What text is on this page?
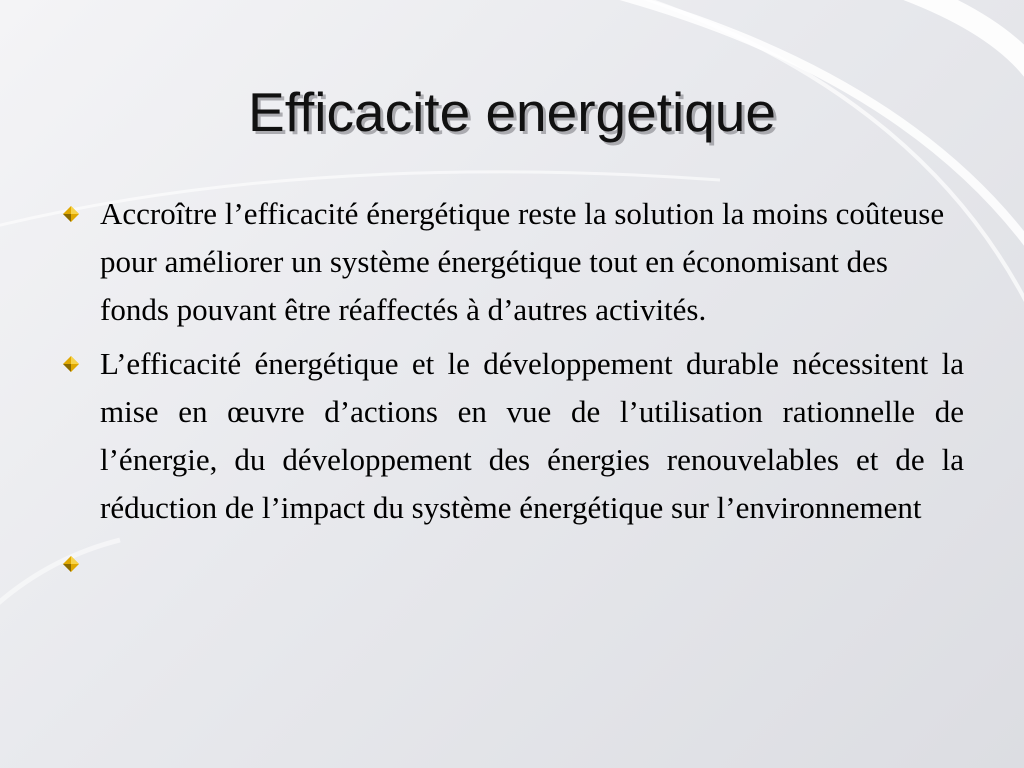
Efficacite energetique
Accroître l’efficacité énergétique reste la solution la moins coûteuse pour améliorer un système énergétique tout en économisant des fonds pouvant être réaffectés à d’autres activités.
L’efficacité énergétique et le développement durable nécessitent la mise en œuvre d’actions en vue de l’utilisation rationnelle de l’énergie, du développement des énergies renouvelables et de la réduction de l’impact du système énergétique sur l’environnement
